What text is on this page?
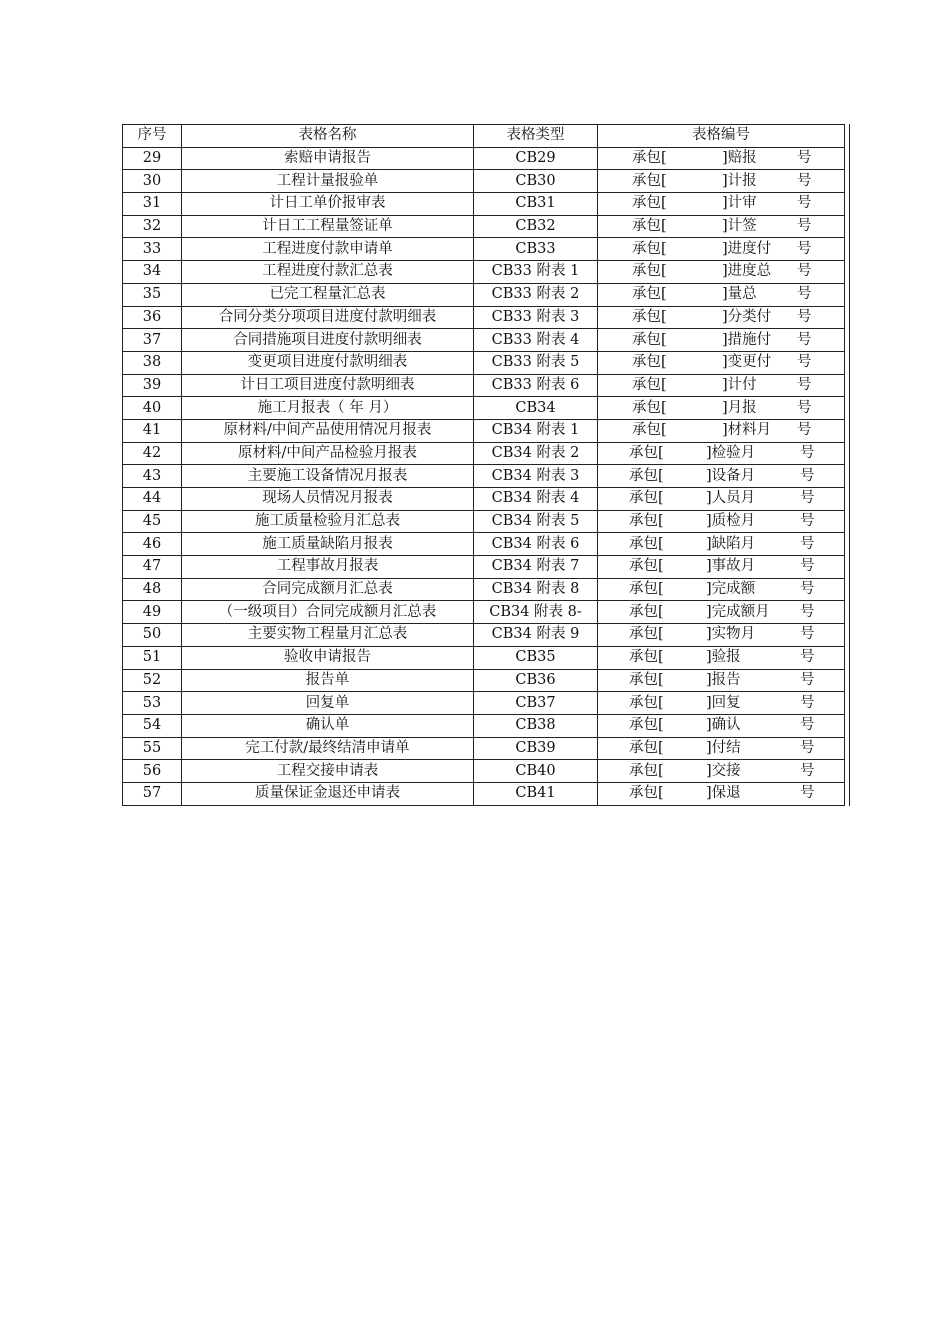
序号	表格名称	表格类型	表格编号
29	索赔申请报告	CB29	承包[ ]赔报 号

30	工程计量报验单	CB30	承包[ ]计报 号

31	计日工单价报审表	CB31	承包[ ]计审 号

32	计日工工程量签证单	CB32	承包[ ]计签 号

33	工程进度付款申请单	CB33	承包[ ]进度付 号

34	工程进度付款汇总表	CB33 附表 1	承包[ ]进度总 号

35	已完工程量汇总表	CB33 附表 2	承包[ ]量总 号

36	合同分类分项项目进度付款明细表	CB33 附表 3	承包[ ]分类付 号

37	合同措施项目进度付款明细表	CB33 附表 4	承包[ ]措施付 号

38	变更项目进度付款明细表	CB33 附表 5	承包[ ]变更付 号

39	计日工项目进度付款明细表	CB33 附表 6	承包[ ]计付 号

40	施工月报表（ 年 月）	CB34	承包[ ]月报 号

41	原材料/中间产品使用情况月报表	CB34 附表 1	承包[ ]材料月 号

42	原材料/中间产品检验月报表	CB34 附表 2	承包[ ]检验月 号

43	主要施工设备情况月报表	CB34 附表 3	承包[ ]设备月 号

44	现场人员情况月报表	CB34 附表 4	承包[ ]人员月 号

45	施工质量检验月汇总表	CB34 附表 5	承包[ ]质检月 号

46	施工质量缺陷月报表	CB34 附表 6	承包[ ]缺陷月 号

47	工程事故月报表	CB34 附表 7	承包[ ]事故月 号

48	合同完成额月汇总表	CB34 附表 8	承包[ ]完成额 号

49	（一级项目）合同完成额月汇总表	CB34 附表 8-	承包[ ]完成额月 号

50	主要实物工程量月汇总表	CB34 附表 9	承包[ ]实物月 号

51	验收申请报告	CB35	承包[ ]验报 号

52	报告单	CB36	承包[ ]报告 号

53	回复单	CB37	承包[ ]回复 号

54	确认单	CB38	承包[ ]确认 号

55	完工付款/最终结清申请单	CB39	承包[ ]付结 号

56	工程交接申请表	CB40	承包[ ]交接 号

57	质量保证金退还申请表	CB41	承包[ ]保退 号
